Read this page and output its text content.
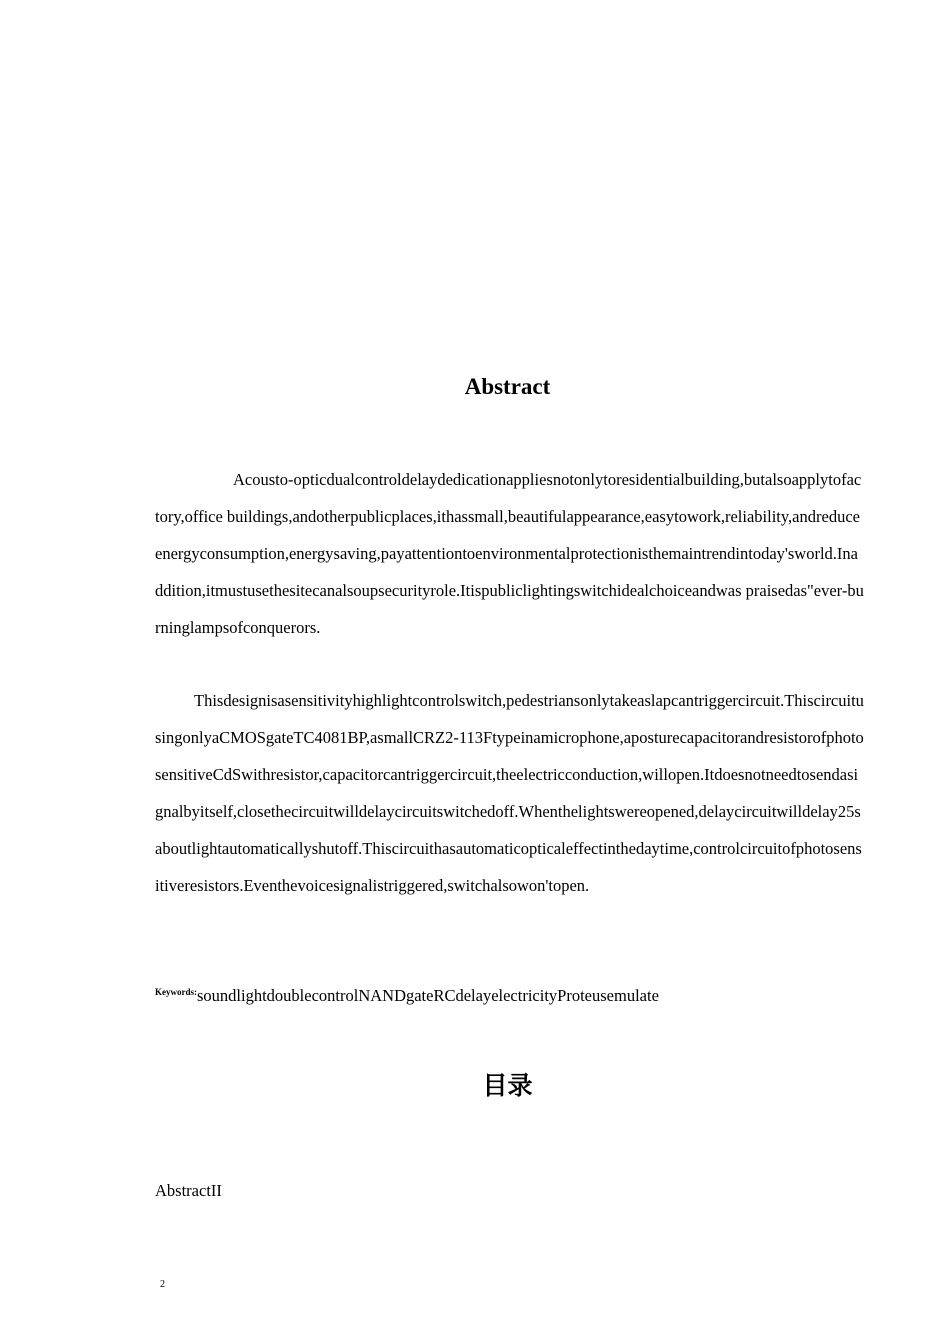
Abstract
Acousto-opticdualcontroldelaydedicationappliesnotonlytoresidentialbuilding,butalsoapplytofactory,office buildings,andotherpublicplaces,ithassmall,beautifulappearance,easytowork,reliability,andreduceenergyconsumption,energysaving,payattentiontoenvironmentalprotectionisthemaintrendintoday'sworld.Inaddition,itmustusethesitecanalsoupsecurityrole.Itispubliclightingswitchidealchoiceandwas praisedas"ever-burninglampsofconquerors.
Thisdesignisasensitivityhighlightcontrolswitch,pedestriansonlytakeaslapcantriggercircuit.ThiscircuitusingonlyaCMOSgateTC4081BP,asmallCRZ2-113Ftypeinamicrophone,aposturecapacitorandresistorofphotosensitiveCdSwithresistor,capacitorcantriggercircuit,theelectricconduction,willopen.Itdoesnotneedtosendasignalbyitself,closethecircuitwilldelaycircuitswitchedoff.Whenthelightswereopened,delaycircuitwilldelay25saboutlightautomaticallyshutoff.Thiscircuithasautomaticopticaleffectinthedaytime,controlcircuitofphotosensitiveresistors.Eventhevoicesignalistriggered,switchalsowon'topen.
$^{Keywords:}$soundlightdoublecontrolNANDgateRCdelayelectricityProteusemulate
目录
AbstractII
2
